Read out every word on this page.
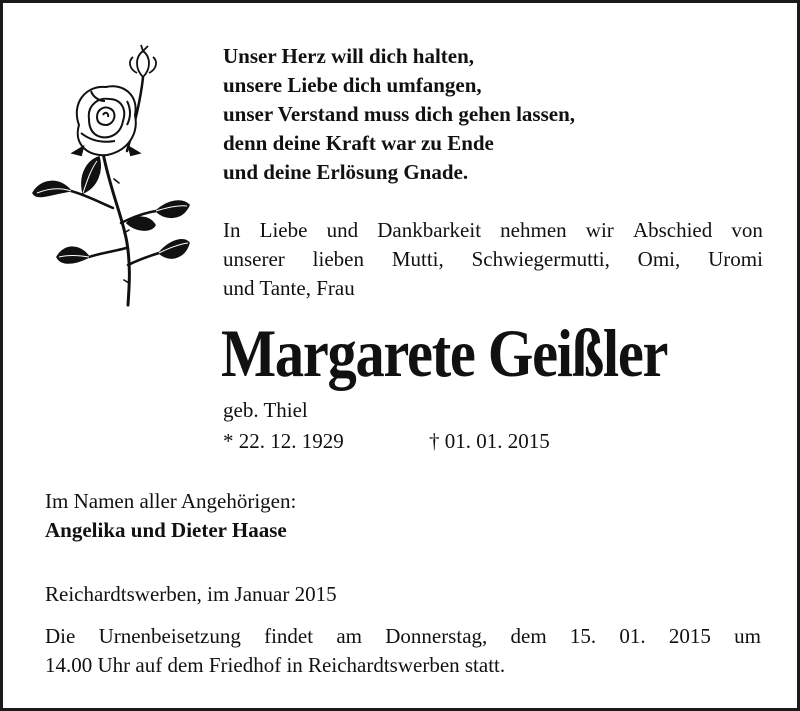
Unser Herz will dich halten,
unsere Liebe dich umfangen,
unser Verstand muss dich gehen lassen,
denn deine Kraft war zu Ende
und deine Erlösung Gnade.
In Liebe und Dankbarkeit nehmen wir Abschied von
unserer lieben Mutti, Schwiegermutti, Omi, Uromi
und Tante, Frau
Margarete Geißler
geb. Thiel
* 22. 12. 1929	† 01. 01. 2015
Im Namen aller Angehörigen:
Angelika und Dieter Haase
Reichardtswerben, im Januar 2015
Die Urnenbeisetzung findet am Donnerstag, dem 15. 01. 2015 um
14.00 Uhr auf dem Friedhof in Reichardtswerben statt.
